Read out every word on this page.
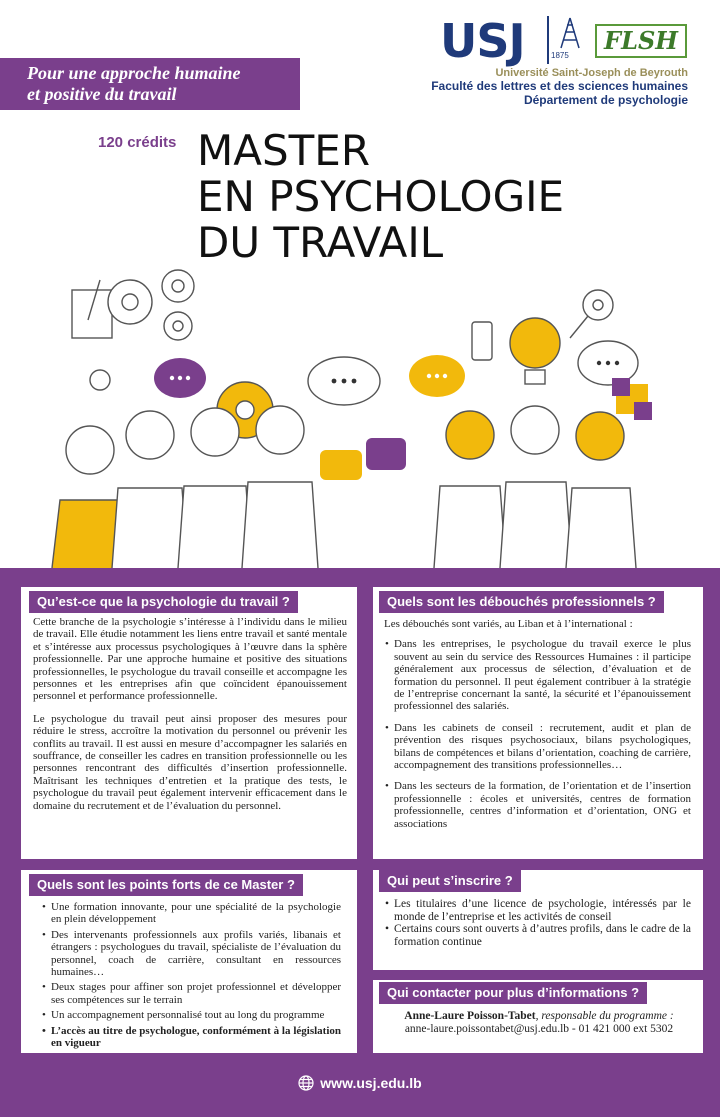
Pour une approche humaine
et positive du travail
USJ	1875
FLSH
Université Saint-Joseph de Beyrouth
Faculté des lettres et des sciences humaines
Département de psychologie
120 crédits MASTER
EN PSYCHOLOGIE
DU TRAVAIL
Qu’est-ce que la psychologie du travail ?

Cette branche de la psychologie s’intéresse à l’individu dans le milieu de travail. Elle étudie notamment les liens entre travail et santé mentale et s’intéresse aux processus psychologiques à l’œuvre dans la sphère professionnelle. Par une approche humaine et positive des situations professionnelles, le psychologue du travail conseille et accompagne les personnes et les entreprises afin que coïncident épanouissement personnel et performance professionnelle.

Le psychologue du travail peut ainsi proposer des mesures pour réduire le stress, accroître la motivation du personnel ou prévenir les conflits au travail. Il est aussi en mesure d’accompagner les salariés en souffrance, de conseiller les cadres en transition professionnelle ou les personnes rencontrant des difficultés d’insertion professionnelle. Maîtrisant les techniques d’entretien et la pratique des tests, le psychologue du travail peut également intervenir efficacement dans le domaine du recrutement et de l’évaluation du personnel.

Quels sont les débouchés professionnels ?

Les débouchés sont variés, au Liban et à l’international :

• Dans les entreprises, le psychologue du travail exerce le plus souvent au sein du service des Ressources Humaines : il participe généralement aux processus de sélection, d’évaluation et de formation du personnel. Il peut également contribuer à la stratégie de l’entreprise concernant la santé, la sécurité et l’épanouissement professionnel des salariés.
• Dans les cabinets de conseil : recrutement, audit et plan de prévention des risques psychosociaux, bilans psychologiques, bilans de compétences et bilans d’orientation, coaching de carrière, accompagnement des transitions professionnelles…
• Dans les secteurs de la formation, de l’orientation et de l’insertion professionnelle : écoles et universités, centres de formation professionnelle, centres d’information et d’orientation, ONG et associations
Quels sont les points forts de ce Master ?
• Une formation innovante, pour une spécialité de la psychologie en plein développement
• Des intervenants professionnels aux profils variés, libanais et étrangers : psychologues du travail, spécialiste de l’évaluation du personnel, coach de carrière, consultant en ressources humaines…
• Deux stages pour affiner son projet professionnel et développer ses compétences sur le terrain
• Un accompagnement personnalisé tout au long du programme
• L’accès au titre de psychologue, conformément à la législation en vigueur
Qui peut s’inscrire ?
• Les titulaires d’une licence de psychologie, intéressés par le monde de l’entreprise et les activités de conseil
• Certains cours sont ouverts à d’autres profils, dans le cadre de la formation continue
Qui contacter pour plus d’informations ?
Anne-Laure Poisson-Tabet, responsable du programme :
anne-laure.poissontabet@usj.edu.lb - 01 421 000 ext 5302
www.usj.edu.lb
